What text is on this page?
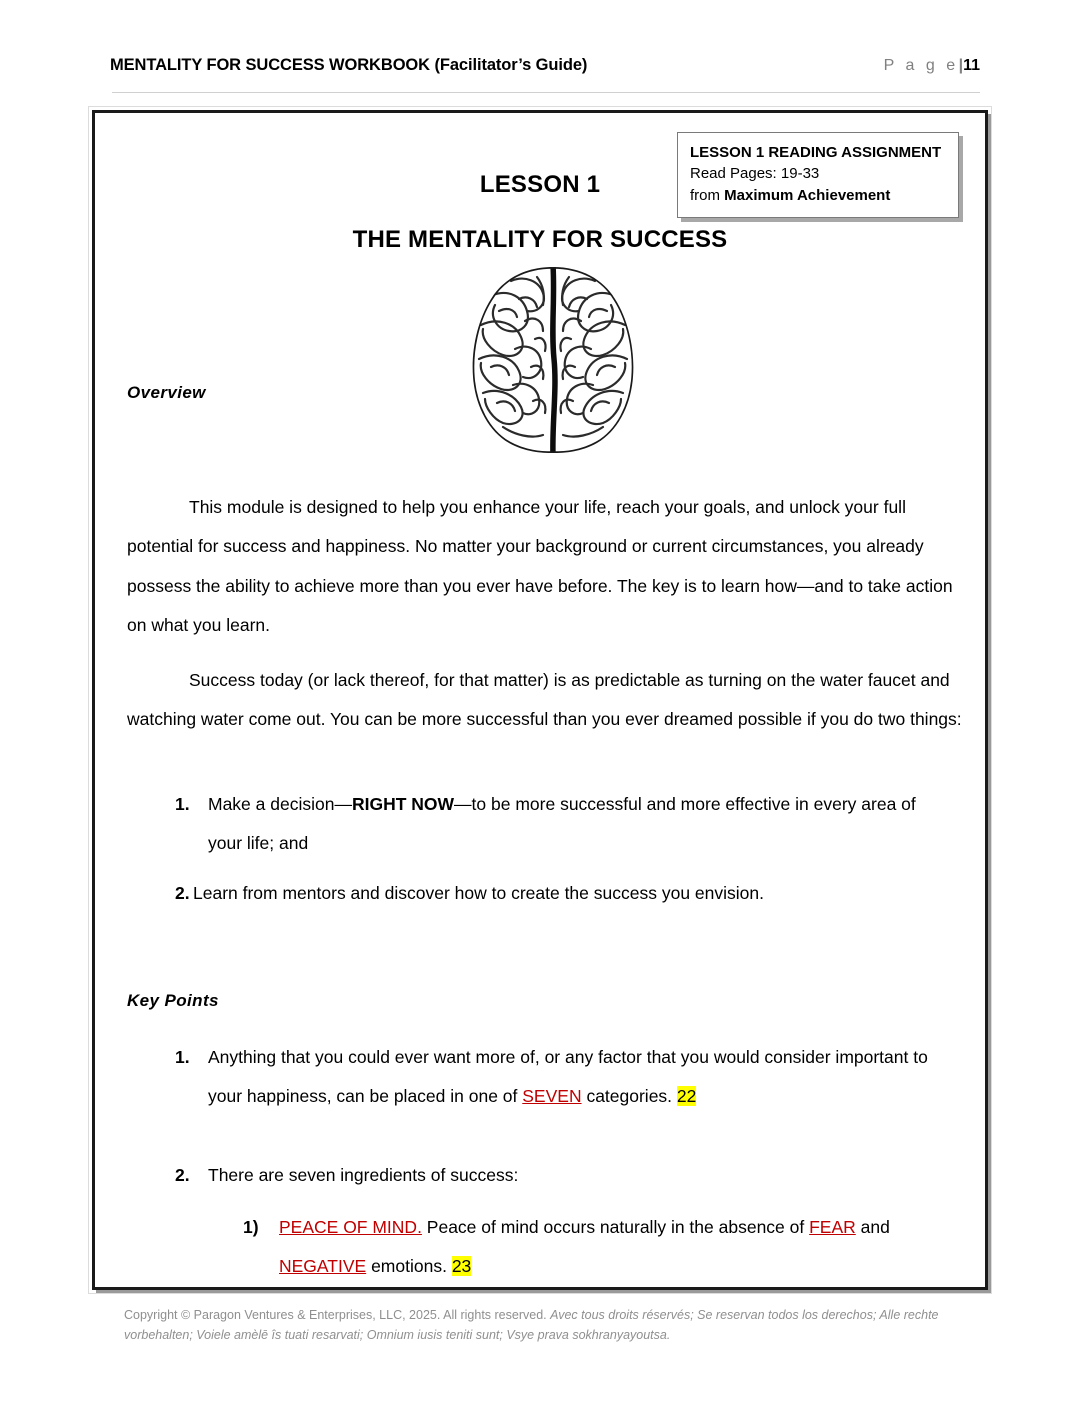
MENTALITY FOR SUCCESS WORKBOOK (Facilitator’s Guide)	P a g e|11
LESSON 1 READING ASSIGNMENT
Read Pages: 19-33
from Maximum Achievement
LESSON 1
THE MENTALITY FOR SUCCESS
Overview
This module is designed to help you enhance your life, reach your goals, and unlock your full potential for success and happiness. No matter your background or current circumstances, you already possess the ability to achieve more than you ever have before. The key is to learn how—and to take action on what you learn.
Success today (or lack thereof, for that matter) is as predictable as turning on the water faucet and watching water come out. You can be more successful than you ever dreamed possible if you do two things:
1.	Make a decision—RIGHT NOW—to be more successful and more effective in every area of your life; and
2. Learn from mentors and discover how to create the success you envision.
Key Points
1.	Anything that you could ever want more of, or any factor that you would consider important to your happiness, can be placed in one of SEVEN categories. 22
2.	There are seven ingredients of success:
1)	PEACE OF MIND. Peace of mind occurs naturally in the absence of FEAR and NEGATIVE emotions. 23
Copyright © Paragon Ventures & Enterprises, LLC, 2025. All rights reserved. Avec tous droits réservés; Se reservan todos los derechos; Alle rechte vorbehalten; Voiele amèlē îs tuati resarvati; Omnium iusis teniti sunt; Vsye prava sokhranyayoutsa.
